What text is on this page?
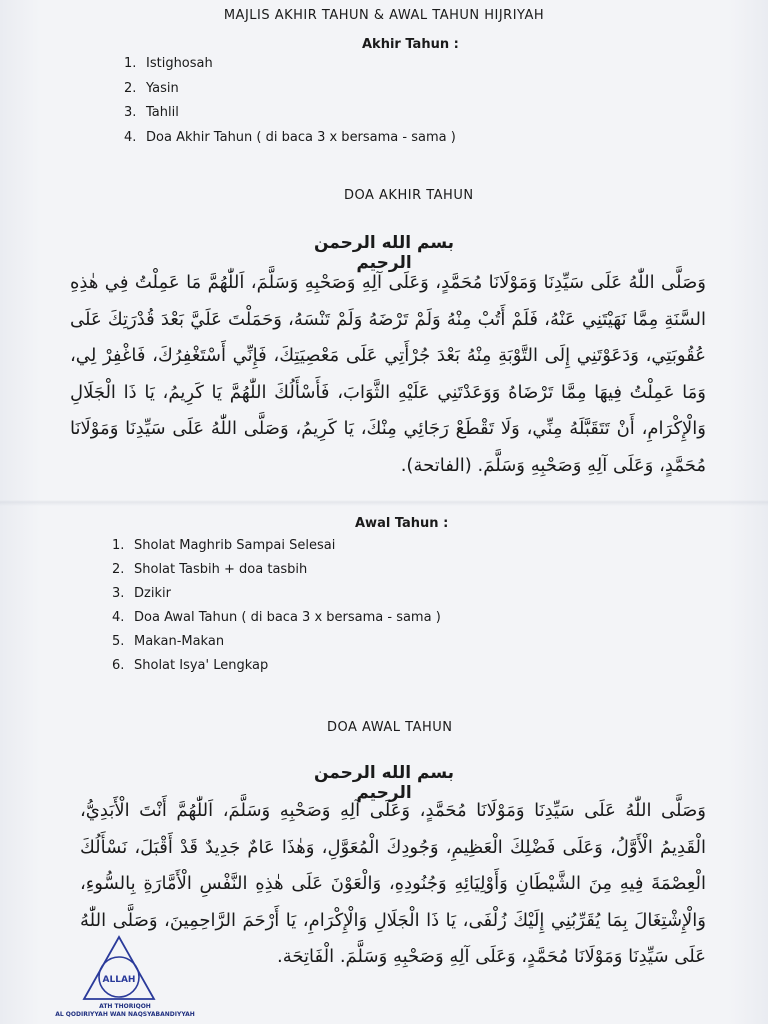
MAJLIS AKHIR TAHUN & AWAL TAHUN HIJRIYAH
Akhir Tahun :
1. Istighosah
2. Yasin
3. Tahlil
4. Doa Akhir Tahun ( di baca 3 x bersama - sama )
DOA AKHIR TAHUN
بسم الله الرحمن الرحيم
وَصَلَّى اللّٰهُ عَلَى سَيِّدِنَا وَمَوْلَانَا مُحَمَّدٍ، وَعَلَى آلِهِ وَصَحْبِهِ وَسَلَّمَ، اَللّٰهُمَّ مَا عَمِلْتُ فِي هٰذِهِ السَّنَةِ مِمَّا نَهَيْتَنِي عَنْهُ، فَلَمْ أَتُبْ مِنْهُ وَلَمْ تَرْضَهُ وَلَمْ تَنْسَهُ، وَحَمَلْتَ عَلَيَّ بَعْدَ قُدْرَتِكَ عَلَى عُقُوبَتِي، وَدَعَوْتَنِي إِلَى التَّوْبَةِ مِنْهُ بَعْدَ جُرْأَتِي عَلَى مَعْصِيَتِكَ، فَإِنِّي أَسْتَغْفِرُكَ، فَاغْفِرْ لِي، وَمَا عَمِلْتُ فِيهَا مِمَّا تَرْضَاهُ وَوَعَدْتَنِي عَلَيْهِ الثَّوَابَ، فَأَسْأَلُكَ اللّٰهُمَّ يَا كَرِيمُ، يَا ذَا الْجَلَالِ وَالْإِكْرَامِ، أَنْ تَتَقَبَّلَهُ مِنِّي، وَلَا تَقْطَعْ رَجَائِي مِنْكَ، يَا كَرِيمُ، وَصَلَّى اللّٰهُ عَلَى سَيِّدِنَا وَمَوْلَانَا مُحَمَّدٍ، وَعَلَى آلِهِ وَصَحْبِهِ وَسَلَّمَ. (الفاتحة).
Awal Tahun :
1. Sholat Maghrib Sampai Selesai
2. Sholat Tasbih + doa tasbih
3. Dzikir
4. Doa Awal Tahun ( di baca 3 x bersama - sama )
5. Makan-Makan
6. Sholat Isya' Lengkap
DOA AWAL TAHUN
بسم الله الرحمن الرحيم
وَصَلَّى اللّٰهُ عَلَى سَيِّدِنَا وَمَوْلَانَا مُحَمَّدٍ، وَعَلَى آلِهِ وَصَحْبِهِ وَسَلَّمَ، اَللّٰهُمَّ أَنْتَ الْأَبَدِيُّ، الْقَدِيمُ الْأَوَّلُ، وَعَلَى فَضْلِكَ الْعَظِيمِ، وَجُودِكَ الْمُعَوَّلِ، وَهٰذَا عَامٌ جَدِيدٌ قَدْ أَقْبَلَ، نَسْأَلُكَ الْعِصْمَةَ فِيهِ مِنَ الشَّيْطَانِ وَأَوْلِيَائِهِ وَجُنُودِهِ، وَالْعَوْنَ عَلَى هٰذِهِ النَّفْسِ الْأَمَّارَةِ بِالسُّوءِ، وَالْإِشْتِغَالَ بِمَا يُقَرِّبُنِي إِلَيْكَ زُلْفَى، يَا ذَا الْجَلَالِ وَالْإِكْرَامِ، يَا أَرْحَمَ الرَّاحِمِينَ، وَصَلَّى اللّٰهُ عَلَى سَيِّدِنَا وَمَوْلَانَا مُحَمَّدٍ، وَعَلَى آلِهِ وَصَحْبِهِ وَسَلَّمَ. الْفَاتِحَة.
ALLAH
ATH THORIQOH
AL QODIRIYYAH WAN NAQSYABANDIYYAH
